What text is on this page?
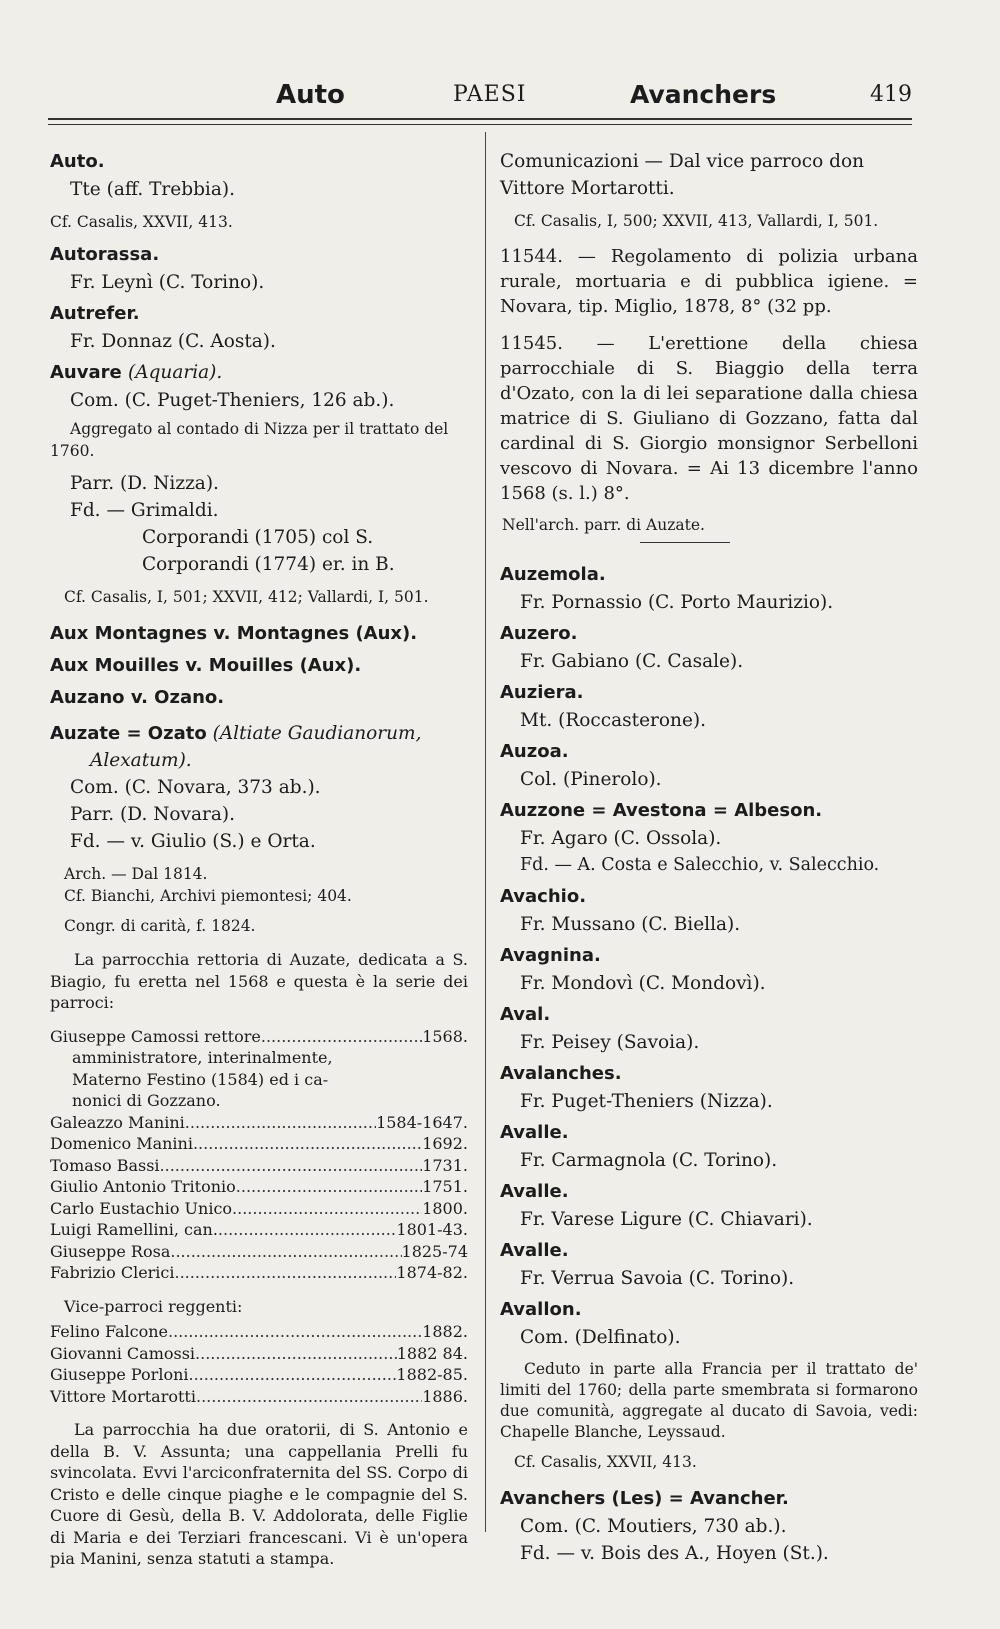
Auto	PAESI	Avanchers	419
Auto.
Tte (aff. Trebbia).
Cf. Casalis, XXVII, 413.
Autorassa.
Fr. Leynì (C. Torino).
Autrefer.
Fr. Donnaz (C. Aosta).
Auvare (Aquaria).
Com. (C. Puget-Theniers, 126 ab.).
Aggregato al contado di Nizza per il trattato del 1760.
Parr. (D. Nizza).
Fd. — Grimaldi.
Corporandi (1705) col S.
Corporandi (1774) er. in B.
Cf. Casalis, I, 501; XXVII, 412; Vallardi, I, 501.
Aux Montagnes v. Montagnes (Aux).
Aux Mouilles v. Mouilles (Aux).
Auzano v. Ozano.
Auzate = Ozato (Altiate Gaudianorum, Alexatum).
Com. (C. Novara, 373 ab.).
Parr. (D. Novara).
Fd. — v. Giulio (S.) e Orta.
Arch. — Dal 1814.
Cf. Bianchi, Archivi piemontesi; 404.
Congr. di carità, f. 1824.
La parrocchia rettoria di Auzate, dedicata a S. Biagio, fu eretta nel 1568 e questa è la serie dei parroci:
Giuseppe Camossi rettore .....	1568.
amministratore, interinalmente,
Materno Festino (1584) ed i ca-
nonici di Gozzano.
Galeazzo Manini .....	1584-1647.
Domenico Manini .....	1692.
Tomaso Bassi .....	1731.
Giulio Antonio Tritonio .....	1751.
Carlo Eustachio Unico .....	1800.
Luigi Ramellini, can. .....	1801-43.
Giuseppe Rosa .....	1825-74
Fabrizio Clerici .....	1874-82.
Vice-parroci reggenti:
Felino Falcone .....	1882.
Giovanni Camossi .....	1882 84.
Giuseppe Porloni .....	1882-85.
Vittore Mortarotti .....	1886.
La parrocchia ha due oratorii, di S. Antonio e della B. V. Assunta; una cappellania Prelli fu svincolata. Evvi l'arciconfraternita del SS. Corpo di Cristo e delle cinque piaghe e le compagnie del S. Cuore di Gesù, della B. V. Addolorata, delle Figlie di Maria e dei Terziari francescani. Vi è un'opera pia Manini, senza statuti a stampa.
Comunicazioni — Dal vice parroco don
Vittore Mortarotti.
Cf. Casalis, I, 500; XXVII, 413, Vallardi, I, 501.
11544. — Regolamento di polizia urbana rurale, mortuaria e di pubblica igiene. = Novara, tip. Miglio, 1878, 8° (32 pp.
11545. — L'erettione della chiesa parrocchiale di S. Biaggio della terra d'Ozato, con la di lei separatione dalla chiesa matrice di S. Giuliano di Gozzano, fatta dal cardinal di S. Giorgio monsignor Serbelloni vescovo di Novara. = Ai 13 dicembre l'anno 1568 (s. l.) 8°.
Nell'arch. parr. di Auzate.
Auzemola.
Fr. Pornassio (C. Porto Maurizio).
Auzero.
Fr. Gabiano (C. Casale).
Auziera.
Mt. (Roccasterone).
Auzoa.
Col. (Pinerolo).
Auzzone = Avestona = Albeson.
Fr. Agaro (C. Ossola).
Fd. — A. Costa e Salecchio, v. Salecchio.
Avachio.
Fr. Mussano (C. Biella).
Avagnina.
Fr. Mondovì (C. Mondovì).
Aval.
Fr. Peisey (Savoia).
Avalanches.
Fr. Puget-Theniers (Nizza).
Avalle.
Fr. Carmagnola (C. Torino).
Avalle.
Fr. Varese Ligure (C. Chiavari).
Avalle.
Fr. Verrua Savoia (C. Torino).
Avallon.
Com. (Delfinato).
Ceduto in parte alla Francia per il trattato de' limiti del 1760; della parte smembrata si formarono due comunità, aggregate al ducato di Savoia, vedi: Chapelle Blanche, Leyssaud.
Cf. Casalis, XXVII, 413.
Avanchers (Les) = Avancher.
Com. (C. Moutiers, 730 ab.).
Fd. — v. Bois des A., Hoyen (St.).
